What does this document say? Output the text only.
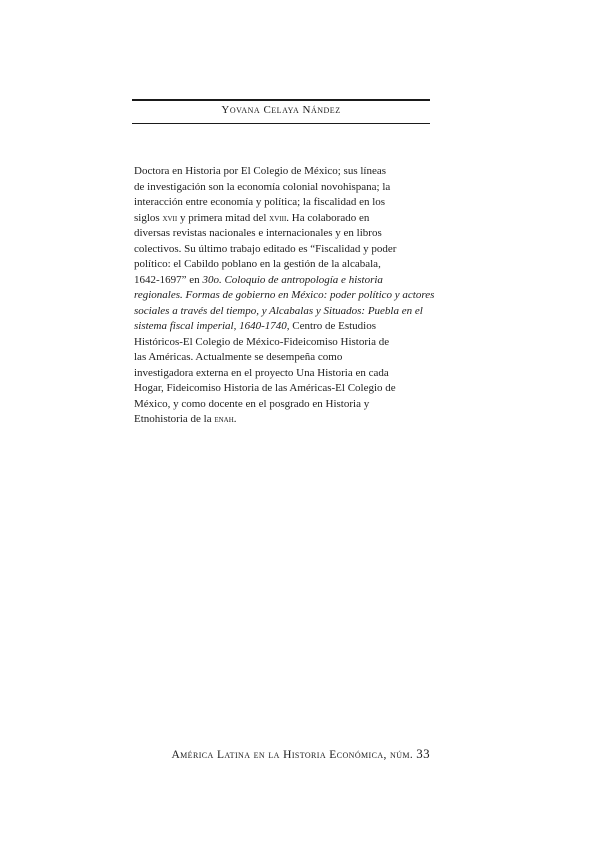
Yovana Celaya Nández
Doctora en Historia por El Colegio de México; sus líneas
de investigación son la economía colonial novohispana; la
interacción entre economía y política; la fiscalidad en los
siglos xvii y primera mitad del xviii. Ha colaborado en
diversas revistas nacionales e internacionales y en libros
colectivos. Su último trabajo editado es “Fiscalidad y poder
político: el Cabildo poblano en la gestión de la alcabala,
1642-1697” en 30o. Coloquio de antropología e historia
regionales. Formas de gobierno en México: poder político y actores
sociales a través del tiempo, y Alcabalas y Situados: Puebla en el
sistema fiscal imperial, 1640-1740, Centro de Estudios
Históricos-El Colegio de México-Fideicomiso Historia de
las Américas. Actualmente se desempeña como
investigadora externa en el proyecto Una Historia en cada
Hogar, Fideicomiso Historia de las Américas-El Colegio de
México, y como docente en el posgrado en Historia y
Etnohistoria de la enah.
América Latina en la Historia Económica, núm. 33
